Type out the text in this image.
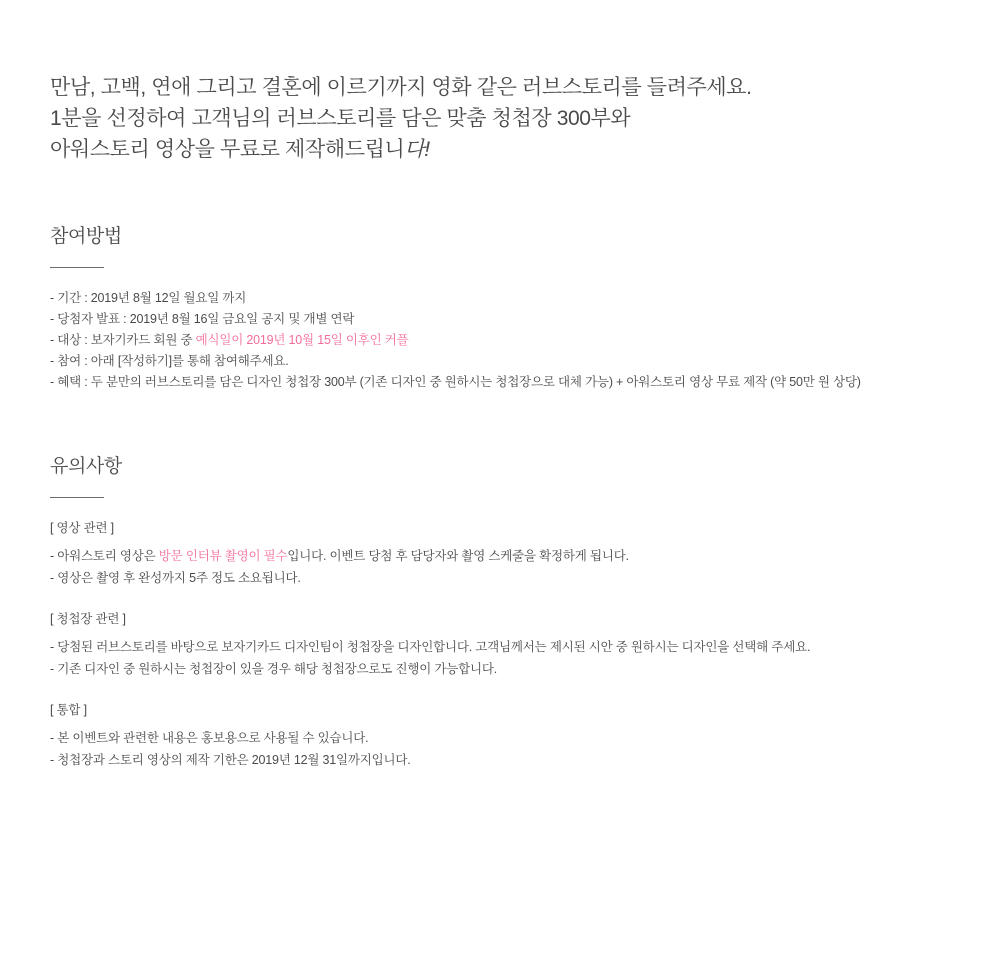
만남, 고백, 연애 그리고 결혼에 이르기까지 영화 같은 러브스토리를 들려주세요.
1분을 선정하여 고객님의 러브스토리를 담은 맞춤 청첩장 300부와
아워스토리 영상을 무료로 제작해드립니다!
참여방법
- 기간 : 2019년 8월 12일 월요일 까지
- 당첨자 발표 : 2019년 8월 16일 금요일 공지 및 개별 연락
- 대상 : 보자기카드 회원 중 예식일이 2019년 10월 15일 이후인 커플
- 참여 : 아래 [작성하기]를 통해 참여해주세요.
- 혜택 : 두 분만의 러브스토리를 담은 디자인 청첩장 300부 (기존 디자인 중 원하시는 청첩장으로 대체 가능) + 아워스토리 영상 무료 제작 (약 50만 원 상당)
유의사항
[ 영상 관련 ]
- 아워스토리 영상은 방문 인터뷰 촬영이 필수입니다. 이벤트 당첨 후 담당자와 촬영 스케줄을 확정하게 됩니다.
- 영상은 촬영 후 완성까지 5주 정도 소요됩니다.
[ 청첩장 관련 ]
- 당첨된 러브스토리를 바탕으로 보자기카드 디자인팀이 청첩장을 디자인합니다. 고객님께서는 제시된 시안 중 원하시는 디자인을 선택해 주세요.
- 기존 디자인 중 원하시는 청첩장이 있을 경우 해당 청첩장으로도 진행이 가능합니다.
[ 통합 ]
- 본 이벤트와 관련한 내용은 홍보용으로 사용될 수 있습니다.
- 청첩장과 스토리 영상의 제작 기한은 2019년 12월 31일까지입니다.
